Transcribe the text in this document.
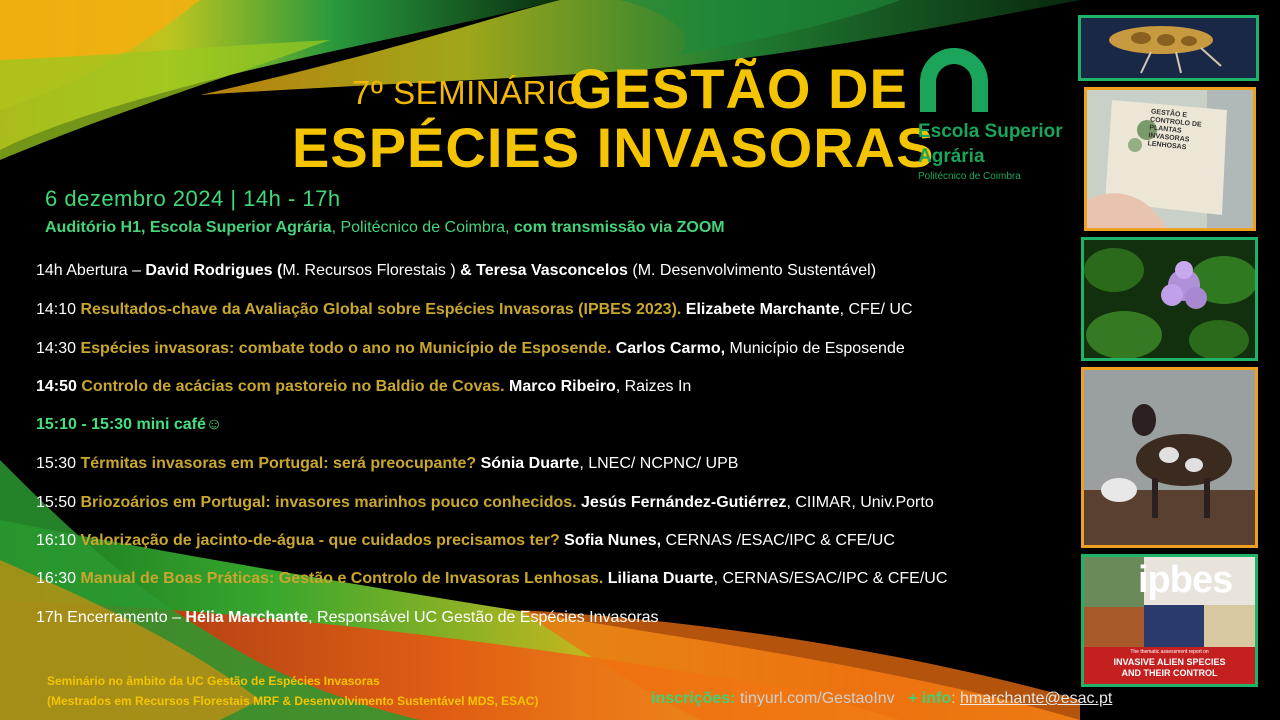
7º SEMINÁRIO
GESTÃO DE
ESPÉCIES INVASORAS
6 dezembro 2024 | 14h - 17h
Auditório H1, Escola Superior Agrária, Politécnico de Coimbra, com transmissão via ZOOM
Escola Superior
Agrária
Politécnico de Coimbra
14h Abertura – David Rodrigues (M. Recursos Florestais ) & Teresa Vasconcelos (M. Desenvolvimento Sustentável)
14:10 Resultados-chave da Avaliação Global sobre Espécies Invasoras (IPBES 2023). Elizabete Marchante, CFE/ UC
14:30 Espécies invasoras: combate todo o ano no Município de Esposende. Carlos Carmo, Município de Esposende
14:50 Controlo de acácias com pastoreio no Baldio de Covas. Marco Ribeiro, Raizes In
15:10 - 15:30 mini café☺
15:30 Térmitas invasoras em Portugal: será preocupante? Sónia Duarte, LNEC/ NCPNC/ UPB
15:50 Briozoários em Portugal: invasores marinhos pouco conhecidos. Jesús Fernández-Gutiérrez, CIIMAR, Univ.Porto
16:10 Valorização de jacinto-de-água - que cuidados precisamos ter? Sofia Nunes, CERNAS /ESAC/IPC & CFE/UC
16:30 Manual de Boas Práticas: Gestão e Controlo de Invasoras Lenhosas. Liliana Duarte, CERNAS/ESAC/IPC & CFE/UC
17h Encerramento – Hélia Marchante, Responsável UC Gestão de Espécies Invasoras
Seminário no âmbito da UC Gestão de Espécies Invasoras
(Mestrados em Recursos Florestais MRF & Desenvolvimento Sustentável MDS, ESAC)	inscrições: tinyurl.com/GestaoInv   + info: hmarchante@esac.pt
GESTÃO E CONTROLO DE PLANTAS INVASORAS LENHOSAS
ipbes
The thematic assessment report on
INVASIVE ALIEN SPECIES
AND THEIR CONTROL
